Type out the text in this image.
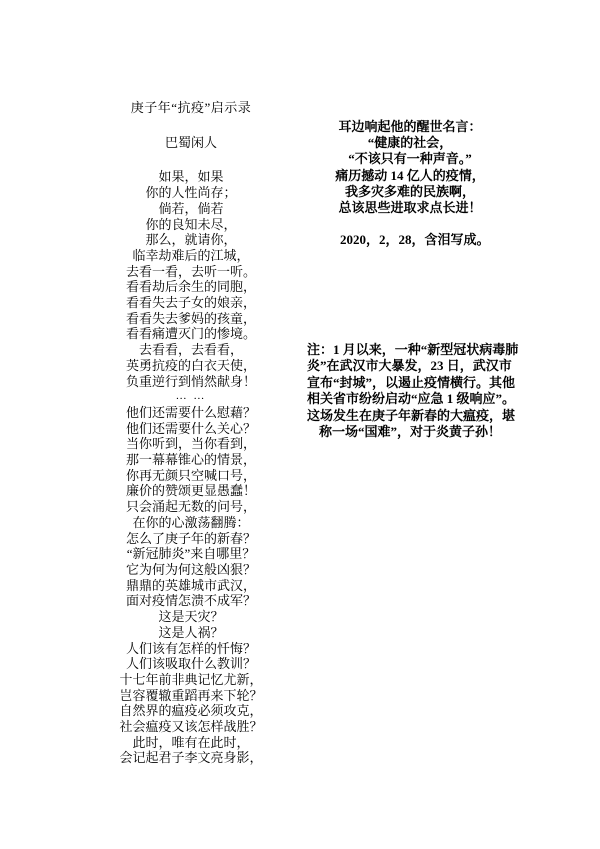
庚子年“抗疫”启示录
巴蜀闲人
如果，如果
你的人性尚存；
倘若，倘若
你的良知未尽，
那么，就请你，
临幸劫难后的江城，
去看一看，去听一听。
看看劫后余生的同胞，
看看失去子女的娘亲，
看看失去爹妈的孩童，
看看痛遭灭门的惨境。
去看看，去看看，
英勇抗疫的白衣天使，
负重逆行到悄然献身！
… …
他们还需要什么慰藉？
他们还需要什么关心？
当你听到，当你看到，
那一幕幕锥心的情景，
你再无颜只空喊口号，
廉价的赞颂更显愚蠢！
只会涌起无数的问号，
在你的心激荡翻腾：
怎么了庚子年的新春？
“新冠肺炎”来自哪里？
它为何为何这般凶狠？
鼎鼎的英雄城市武汉，
面对疫情怎溃不成军？
这是天灾？
这是人祸？
人们该有怎样的忏悔？
人们该吸取什么教训？
十七年前非典记忆尤新，
岂容覆辙重蹈再来下轮？
自然界的瘟疫必须攻克，
社会瘟疫又该怎样战胜？
此时，唯有在此时，
会记起君子李文亮身影，
耳边响起他的醒世名言：
“健康的社会，
“不该只有一种声音。”
痛历撼动 14 亿人的疫情，
我多灾多难的民族啊，
总该思些进取求点长进！
2020，2，28，含泪写成。
注：1 月以来，一种“新型冠状病毒肺
炎”在武汉市大暴发，23 日，武汉市
宣布“封城”，以遏止疫情横行。其他
相关省市纷纷启动“应急 1 级响应”。
这场发生在庚子年新春的大瘟疫，堪
称一场“国难”，对于炎黄子孙！
